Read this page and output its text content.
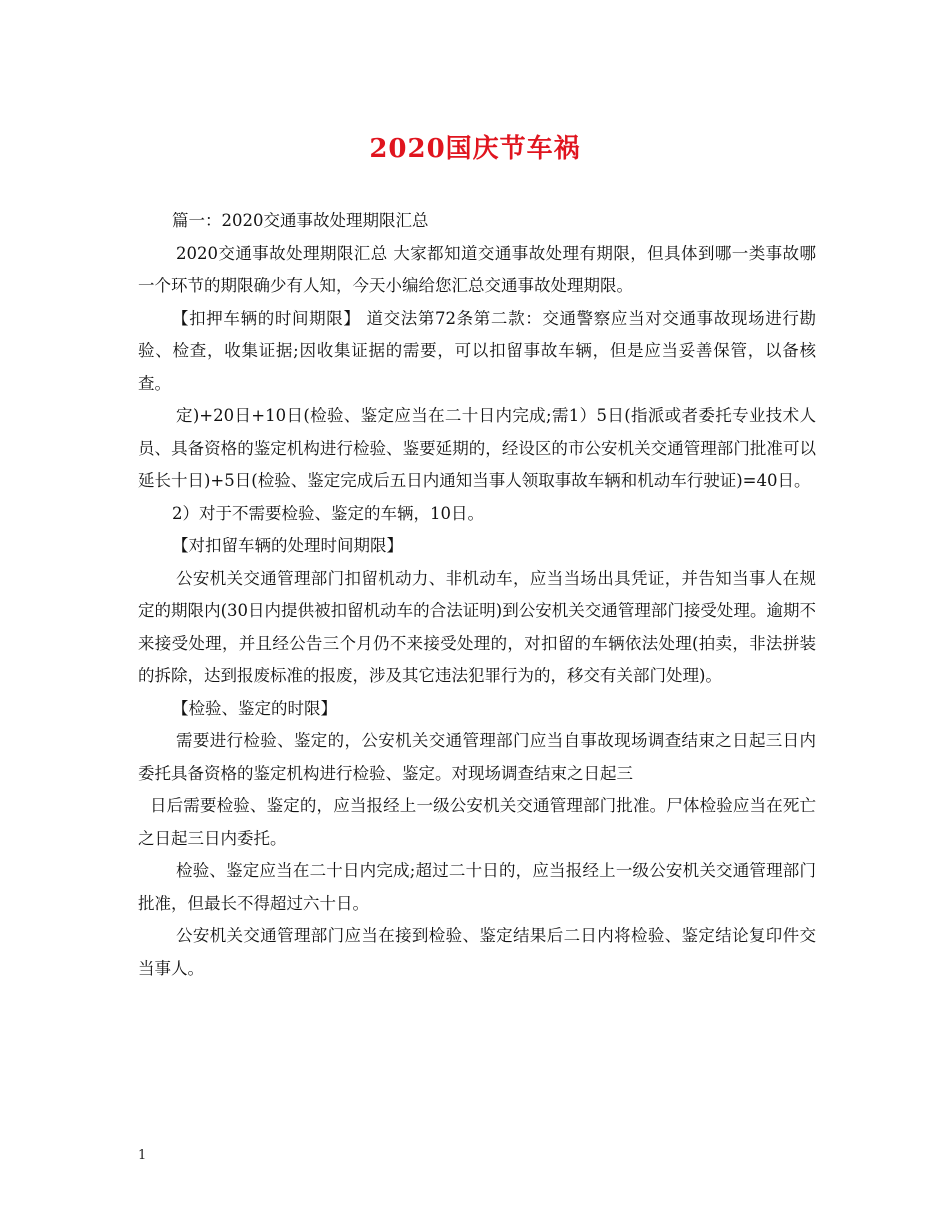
2020国庆节车祸

篇一：2020交通事故处理期限汇总

2020交通事故处理期限汇总 大家都知道交通事故处理有期限，但具体到哪一类事故哪一个环节的期限确少有人知，今天小编给您汇总交通事故处理期限。

【扣押车辆的时间期限】 道交法第72条第二款：交通警察应当对交通事故现场进行勘验、检查，收集证据;因收集证据的需要，可以扣留事故车辆，但是应当妥善保管，以备核查。

定)+20日+10日(检验、鉴定应当在二十日内完成;需1）5日(指派或者委托专业技术人员、具备资格的鉴定机构进行检验、鉴要延期的，经设区的市公安机关交通管理部门批准可以延长十日)+5日(检验、鉴定完成后五日内通知当事人领取事故车辆和机动车行驶证)=40日。

2）对于不需要检验、鉴定的车辆，10日。

【对扣留车辆的处理时间期限】

公安机关交通管理部门扣留机动力、非机动车，应当当场出具凭证，并告知当事人在规定的期限内(30日内提供被扣留机动车的合法证明)到公安机关交通管理部门接受处理。逾期不来接受处理，并且经公告三个月仍不来接受处理的，对扣留的车辆依法处理(拍卖，非法拼装的拆除，达到报废标准的报废，涉及其它违法犯罪行为的，移交有关部门处理)。

【检验、鉴定的时限】

需要进行检验、鉴定的，公安机关交通管理部门应当自事故现场调查结束之日起三日内委托具备资格的鉴定机构进行检验、鉴定。对现场调查结束之日起三

日后需要检验、鉴定的，应当报经上一级公安机关交通管理部门批准。尸体检验应当在死亡之日起三日内委托。

检验、鉴定应当在二十日内完成;超过二十日的，应当报经上一级公安机关交通管理部门批准，但最长不得超过六十日。

公安机关交通管理部门应当在接到检验、鉴定结果后二日内将检验、鉴定结论复印件交当事人。

1
